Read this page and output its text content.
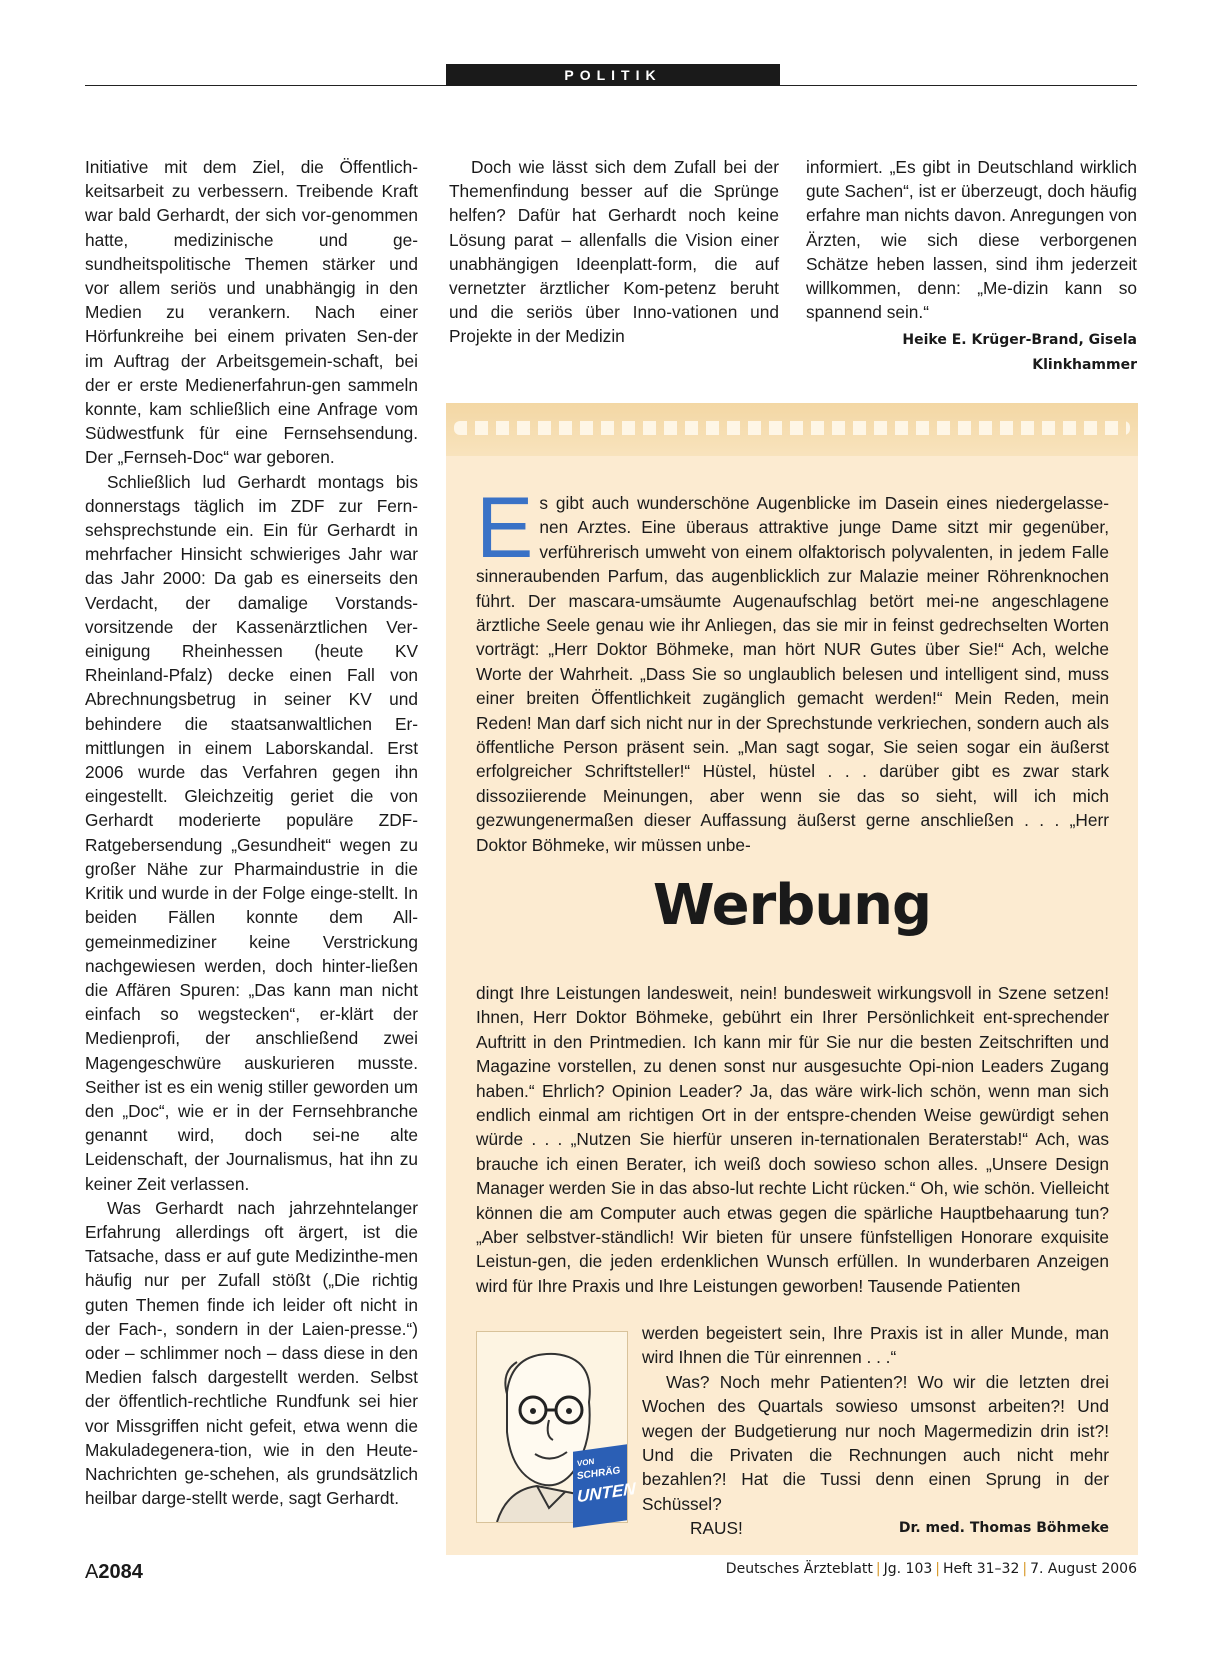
POLITIK

Initiative mit dem Ziel, die Öffentlich-keitsarbeit zu verbessern. Treibende Kraft war bald Gerhardt, der sich vor-genommen hatte, medizinische und ge-sundheitspolitische Themen stärker und vor allem seriös und unabhängig in den Medien zu verankern. Nach einer Hörfunkreihe bei einem privaten Sen-der im Auftrag der Arbeitsgemein-schaft, bei der er erste Medienerfahrun-gen sammeln konnte, kam schließlich eine Anfrage vom Südwestfunk für eine Fernsehsendung. Der „Fernseh-Doc“ war geboren.

Schließlich lud Gerhardt montags bis donnerstags täglich im ZDF zur Fern-sehsprechstunde ein. Ein für Gerhardt in mehrfacher Hinsicht schwieriges Jahr war das Jahr 2000: Da gab es einerseits den Verdacht, der damalige Vorstands-vorsitzende der Kassenärztlichen Ver-einigung Rheinhessen (heute KV Rheinland-Pfalz) decke einen Fall von Abrechnungsbetrug in seiner KV und behindere die staatsanwaltlichen Er-mittlungen in einem Laborskandal. Erst 2006 wurde das Verfahren gegen ihn eingestellt. Gleichzeitig geriet die von Gerhardt moderierte populäre ZDF-Ratgebersendung „Gesundheit“ wegen zu großer Nähe zur Pharmaindustrie in die Kritik und wurde in der Folge einge-stellt. In beiden Fällen konnte dem All-gemeinmediziner keine Verstrickung nachgewiesen werden, doch hinter-ließen die Affären Spuren: „Das kann man nicht einfach so wegstecken“, er-klärt der Medienprofi, der anschließend zwei Magengeschwüre auskurieren musste. Seither ist es ein wenig stiller geworden um den „Doc“, wie er in der Fernsehbranche genannt wird, doch sei-ne alte Leidenschaft, der Journalismus, hat ihn zu keiner Zeit verlassen.

Was Gerhardt nach jahrzehntelanger Erfahrung allerdings oft ärgert, ist die Tatsache, dass er auf gute Medizinthe-men häufig nur per Zufall stößt („Die richtig guten Themen finde ich leider oft nicht in der Fach-, sondern in der Laien-presse.“) oder – schlimmer noch – dass diese in den Medien falsch dargestellt werden. Selbst der öffentlich-rechtliche Rundfunk sei hier vor Missgriffen nicht gefeit, etwa wenn die Makuladegenera-tion, wie in den Heute-Nachrichten ge-schehen, als grundsätzlich heilbar darge-stellt werde, sagt Gerhardt.

Doch wie lässt sich dem Zufall bei der Themenfindung besser auf die Sprünge helfen? Dafür hat Gerhardt noch keine Lösung parat – allenfalls die Vision einer unabhängigen Ideenplatt-form, die auf vernetzter ärztlicher Kom-petenz beruht und die seriös über Inno-vationen und Projekte in der Medizin

informiert. „Es gibt in Deutschland wirklich gute Sachen“, ist er überzeugt, doch häufig erfahre man nichts davon. Anregungen von Ärzten, wie sich diese verborgenen Schätze heben lassen, sind ihm jederzeit willkommen, denn: „Me-dizin kann so spannend sein.“

Heike E. Krüger-Brand, Gisela Klinkhammer

Es gibt auch wunderschöne Augenblicke im Dasein eines niedergelasse-nen Arztes. Eine überaus attraktive junge Dame sitzt mir gegenüber, verführerisch umweht von einem olfaktorisch polyvalenten, in jedem Falle sinneraubenden Parfum, das augenblicklich zur Malazie meiner Röhrenknochen führt. Der mascara-umsäumte Augenaufschlag betört mei-ne angeschlagene ärztliche Seele genau wie ihr Anliegen, das sie mir in feinst gedrechselten Worten vorträgt: „Herr Doktor Böhmeke, man hört NUR Gutes über Sie!“ Ach, welche Worte der Wahrheit. „Dass Sie so unglaublich belesen und intelligent sind, muss einer breiten Öffentlichkeit zugänglich gemacht werden!“ Mein Reden, mein Reden! Man darf sich nicht nur in der Sprechstunde verkriechen, sondern auch als öffentliche Person präsent sein. „Man sagt sogar, Sie seien sogar ein äußerst erfolgreicher Schriftsteller!“ Hüstel, hüstel . . . darüber gibt es zwar stark dissoziierende Meinungen, aber wenn sie das so sieht, will ich mich gezwungenermaßen dieser Auffassung äußerst gerne anschließen . . . „Herr Doktor Böhmeke, wir müssen unbe-

Werbung

dingt Ihre Leistungen landesweit, nein! bundesweit wirkungsvoll in Szene setzen! Ihnen, Herr Doktor Böhmeke, gebührt ein Ihrer Persönlichkeit ent-sprechender Auftritt in den Printmedien. Ich kann mir für Sie nur die besten Zeitschriften und Magazine vorstellen, zu denen sonst nur ausgesuchte Opi-nion Leaders Zugang haben.“ Ehrlich? Opinion Leader? Ja, das wäre wirk-lich schön, wenn man sich endlich einmal am richtigen Ort in der entspre-chenden Weise gewürdigt sehen würde . . . „Nutzen Sie hierfür unseren in-ternationalen Beraterstab!“ Ach, was brauche ich einen Berater, ich weiß doch sowieso schon alles. „Unsere Design Manager werden Sie in das abso-lut rechte Licht rücken.“ Oh, wie schön. Vielleicht können die am Computer auch etwas gegen die spärliche Hauptbehaarung tun? „Aber selbstver-ständlich! Wir bieten für unsere fünfstelligen Honorare exquisite Leistun-gen, die jeden erdenklichen Wunsch erfüllen. In wunderbaren Anzeigen wird für Ihre Praxis und Ihre Leistungen geworben! Tausende Patienten

VON
SCHRÄG
UNTEN

werden begeistert sein, Ihre Praxis ist in aller Munde, man wird Ihnen die Tür einrennen . . .“

Was? Noch mehr Patienten?! Wo wir die letzten drei Wochen des Quartals sowieso umsonst arbeiten?! Und wegen der Budgetierung nur noch Magermedizin drin ist?! Und die Privaten die Rechnungen auch nicht mehr bezahlen?! Hat die Tussi denn einen Sprung in der Schüssel?

RAUS!	Dr. med. Thomas Böhmeke
A2084	Deutsches Ärzteblatt | Jg. 103 | Heft 31–32 | 7. August 2006
